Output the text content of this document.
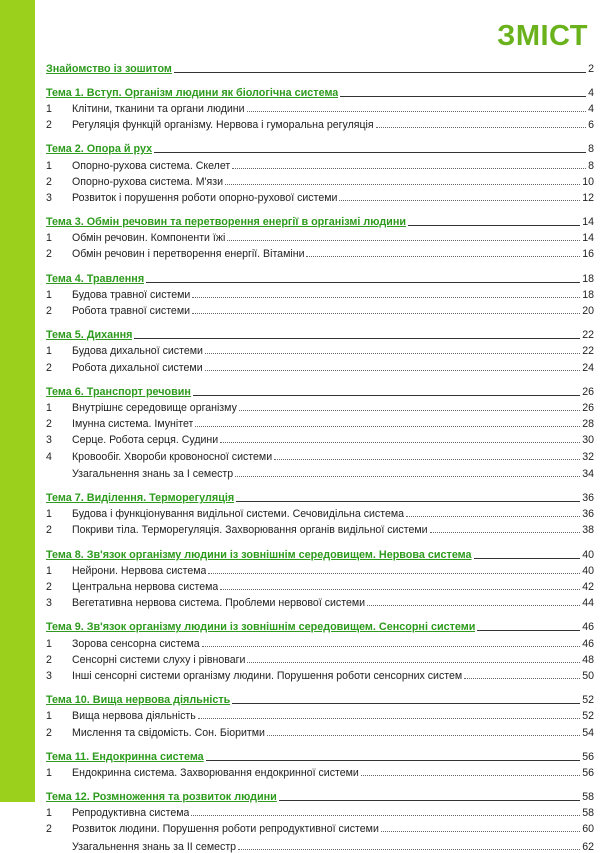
ЗМІСТ
Знайомство із зошитом	2
Тема 1. Вступ. Організм людини як біологічна система	4
1	Клітини, тканини та органи людини	4
2	Регуляція функцій організму. Нервова і гуморальна регуляція	6
Тема 2. Опора й рух	8
1	Опорно-рухова система. Скелет	8
2	Опорно-рухова система. М'язи	10
3	Розвиток і порушення роботи опорно-рухової системи	12
Тема 3. Обмін речовин та перетворення енергії в організмі людини	14
1	Обмін речовин. Компоненти їжі	14
2	Обмін речовин і перетворення енергії. Вітаміни	16
Тема 4. Травлення	18
1	Будова травної системи	18
2	Робота травної системи	20
Тема 5. Дихання	22
1	Будова дихальної системи	22
2	Робота дихальної системи	24
Тема 6. Транспорт речовин	26
1	Внутрішнє середовище організму	26
2	Імунна система. Імунітет	28
3	Серце. Робота серця. Судини	30
4	Кровообіг. Хвороби кровоносної системи	32
Узагальнення знань за І семестр	34
Тема 7. Виділення. Терморегуляція	36
1	Будова і функціонування видільної системи. Сечовидільна система	36
2	Покриви тіла. Терморегуляція. Захворювання органів видільної системи	38
Тема 8. Зв'язок організму людини із зовнішнім середовищем. Нервова система	40
1	Нейрони. Нервова система	40
2	Центральна нервова система	42
3	Вегетативна нервова система. Проблеми нервової системи	44
Тема 9. Зв'язок організму людини із зовнішнім середовищем. Сенсорні системи	46
1	Зорова сенсорна система	46
2	Сенсорні системи слуху і рівноваги	48
3	Інші сенсорні системи організму людини. Порушення роботи сенсорних систем	50
Тема 10. Вища нервова діяльність	52
1	Вища нервова діяльність	52
2	Мислення та свідомість. Сон. Біоритми	54
Тема 11. Ендокринна система	56
1	Ендокринна система. Захворювання ендокринної системи	56
Тема 12. Розмноження та розвиток людини	58
1	Репродуктивна система	58
2	Розвиток людини. Порушення роботи репродуктивної системи	60
Узагальнення знань за ІІ семестр	62
